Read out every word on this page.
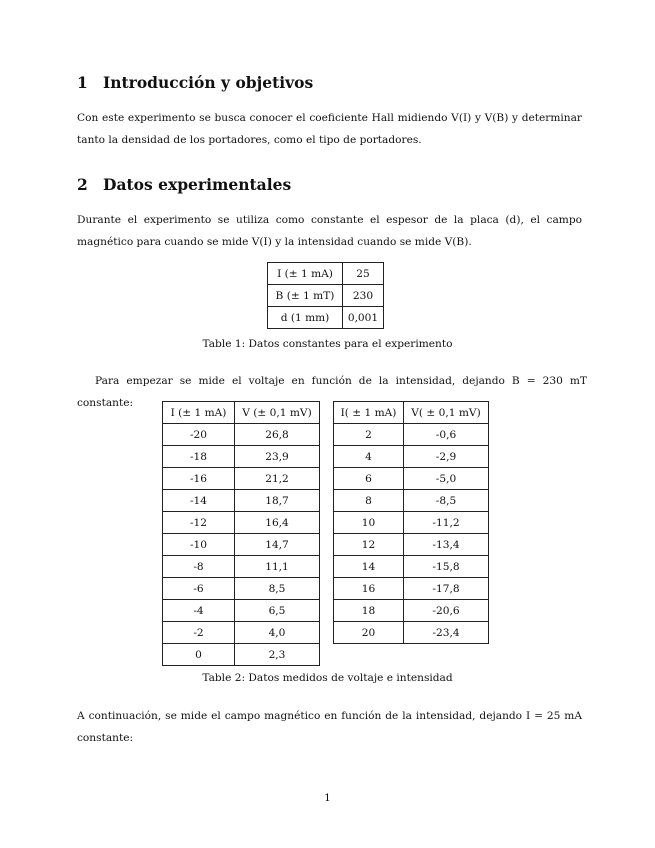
1 Introducción y objetivos

Con este experimento se busca conocer el coeficiente Hall midiendo V(I) y V(B) y determinar tanto la densidad de los portadores, como el tipo de portadores.

2 Datos experimentales

Durante el experimento se utiliza como constante el espesor de la placa (d), el campo magnético para cuando se mide V(I) y la intensidad cuando se mide V(B).

I (± 1 mA)	25
B (± 1 mT)	230
d (1 mm)	0,001

Table 1: Datos constantes para el experimento

Para empezar se mide el voltaje en función de la intensidad, dejando B = 230 mT constante:

I (± 1 mA)	V (± 0,1 mV)
-20	26,8
-18	23,9
-16	21,2
-14	18,7
-12	16,4
-10	14,7
-8	11,1
-6	8,5
-4	6,5
-2	4,0
0	2,3
I( ± 1 mA)	V( ± 0,1 mV)
2	-0,6
4	-2,9
6	-5,0
8	-8,5
10	-11,2
12	-13,4
14	-15,8
16	-17,8
18	-20,6
20	-23,4

Table 2: Datos medidos de voltaje e intensidad

A continuación, se mide el campo magnético en función de la intensidad, dejando I = 25 mA constante:

1
